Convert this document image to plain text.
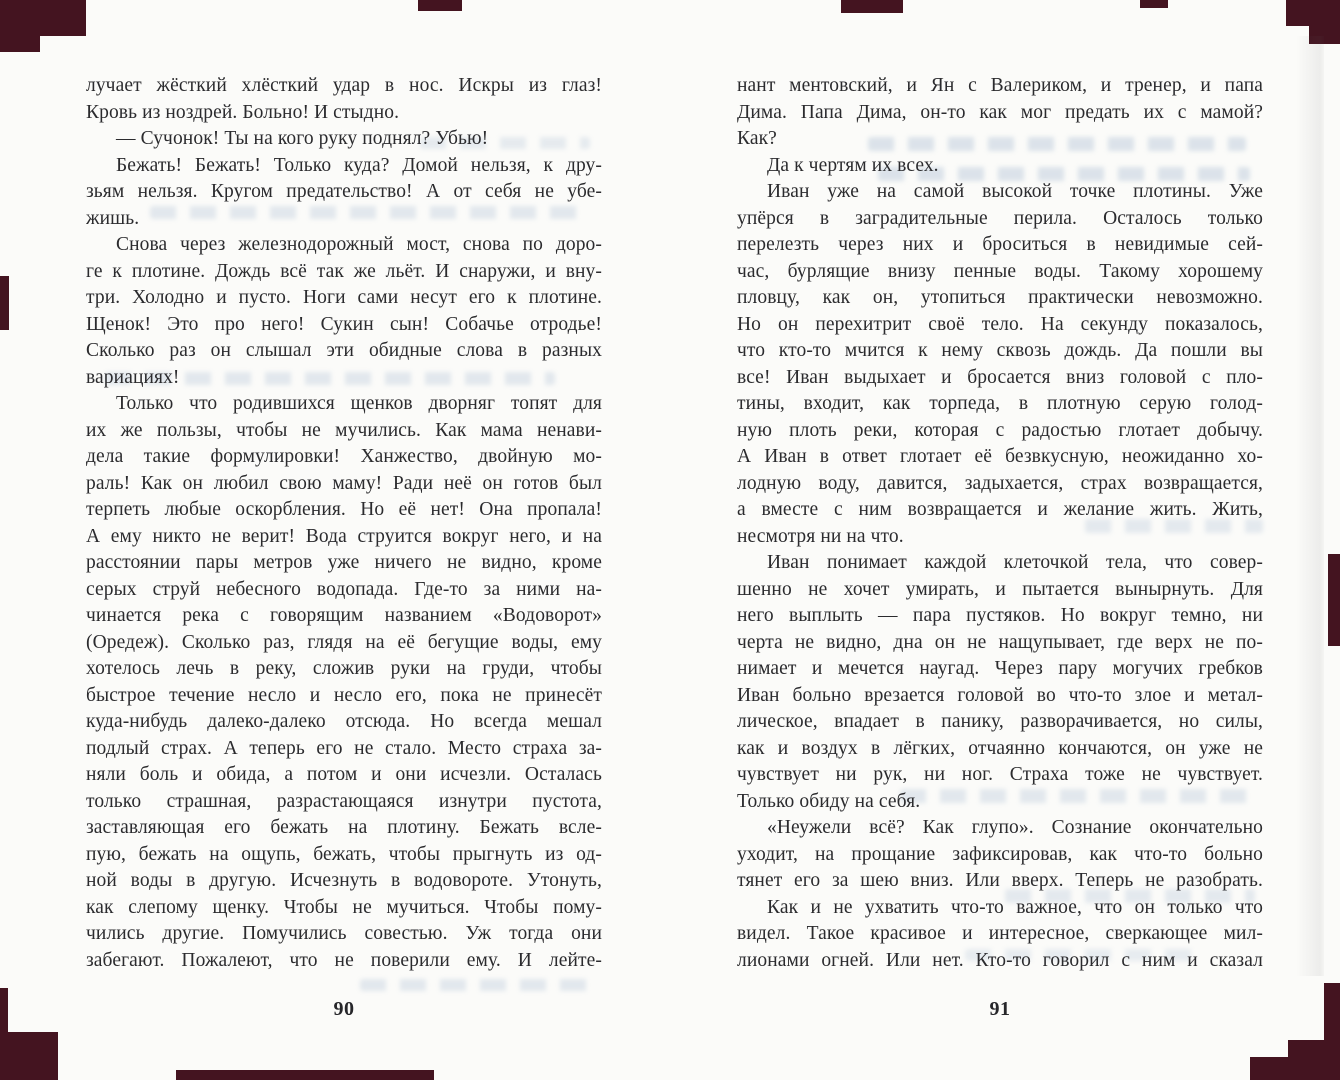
лучает жёсткий хлёсткий удар в нос. Искры из глаз!
Кровь из ноздрей. Больно! И стыдно.
— Сучонок! Ты на кого руку поднял? Убью!
Бежать! Бежать! Только куда? Домой нельзя, к дру-
зьям нельзя. Кругом предательство! А от себя не убе-
жишь.
Снова через железнодорожный мост, снова по доро-
ге к плотине. Дождь всё так же льёт. И снаружи, и вну-
три. Холодно и пусто. Ноги сами несут его к плотине.
Щенок! Это про него! Сукин сын! Собачье отродье!
Сколько раз он слышал эти обидные слова в разных
вариациях!
Только что родившихся щенков дворняг топят для
их же пользы, чтобы не мучились. Как мама ненави-
дела такие формулировки! Ханжество, двойную мо-
раль! Как он любил свою маму! Ради неё он готов был
терпеть любые оскорбления. Но её нет! Она пропала!
А ему никто не верит! Вода струится вокруг него, и на
расстоянии пары метров уже ничего не видно, кроме
серых струй небесного водопада. Где-то за ними на-
чинается река с говорящим названием «Водоворот»
(Оредеж). Сколько раз, глядя на её бегущие воды, ему
хотелось лечь в реку, сложив руки на груди, чтобы
быстрое течение несло и несло его, пока не принесёт
куда-нибудь далеко-далеко отсюда. Но всегда мешал
подлый страх. А теперь его не стало. Место страха за-
няли боль и обида, а потом и они исчезли. Осталась
только страшная, разрастающаяся изнутри пустота,
заставляющая его бежать на плотину. Бежать всле-
пую, бежать на ощупь, бежать, чтобы прыгнуть из од-
ной воды в другую. Исчезнуть в водовороте. Утонуть,
как слепому щенку. Чтобы не мучиться. Чтобы пому-
чились другие. Помучились совестью. Уж тогда они
забегают. Пожалеют, что не поверили ему. И лейте-
нант ментовский, и Ян с Валериком, и тренер, и папа
Дима. Папа Дима, он-то как мог предать их с мамой?
Как?
Да к чертям их всех.
Иван уже на самой высокой точке плотины. Уже
упёрся в заградительные перила. Осталось только
перелезть через них и броситься в невидимые сей-
час, бурлящие внизу пенные воды. Такому хорошему
пловцу, как он, утопиться практически невозможно.
Но он перехитрит своё тело. На секунду показалось,
что кто-то мчится к нему сквозь дождь. Да пошли вы
все! Иван выдыхает и бросается вниз головой с пло-
тины, входит, как торпеда, в плотную серую голод-
ную плоть реки, которая с радостью глотает добычу.
А Иван в ответ глотает её безвкусную, неожиданно хо-
лодную воду, давится, задыхается, страх возвращается,
а вместе с ним возвращается и желание жить. Жить,
несмотря ни на что.
Иван понимает каждой клеточкой тела, что совер-
шенно не хочет умирать, и пытается вынырнуть. Для
него выплыть — пара пустяков. Но вокруг темно, ни
черта не видно, дна он не нащупывает, где верх не по-
нимает и мечется наугад. Через пару могучих гребков
Иван больно врезается головой во что-то злое и метал-
лическое, впадает в панику, разворачивается, но силы,
как и воздух в лёгких, отчаянно кончаются, он уже не
чувствует ни рук, ни ног. Страха тоже не чувствует.
Только обиду на себя.
«Неужели всё? Как глупо». Сознание окончательно
уходит, на прощание зафиксировав, как что-то больно
тянет его за шею вниз. Или вверх. Теперь не разобрать.
Как и не ухватить что-то важное, что он только что
видел. Такое красивое и интересное, сверкающее мил-
лионами огней. Или нет. Кто-то говорил с ним и сказал
90	91
